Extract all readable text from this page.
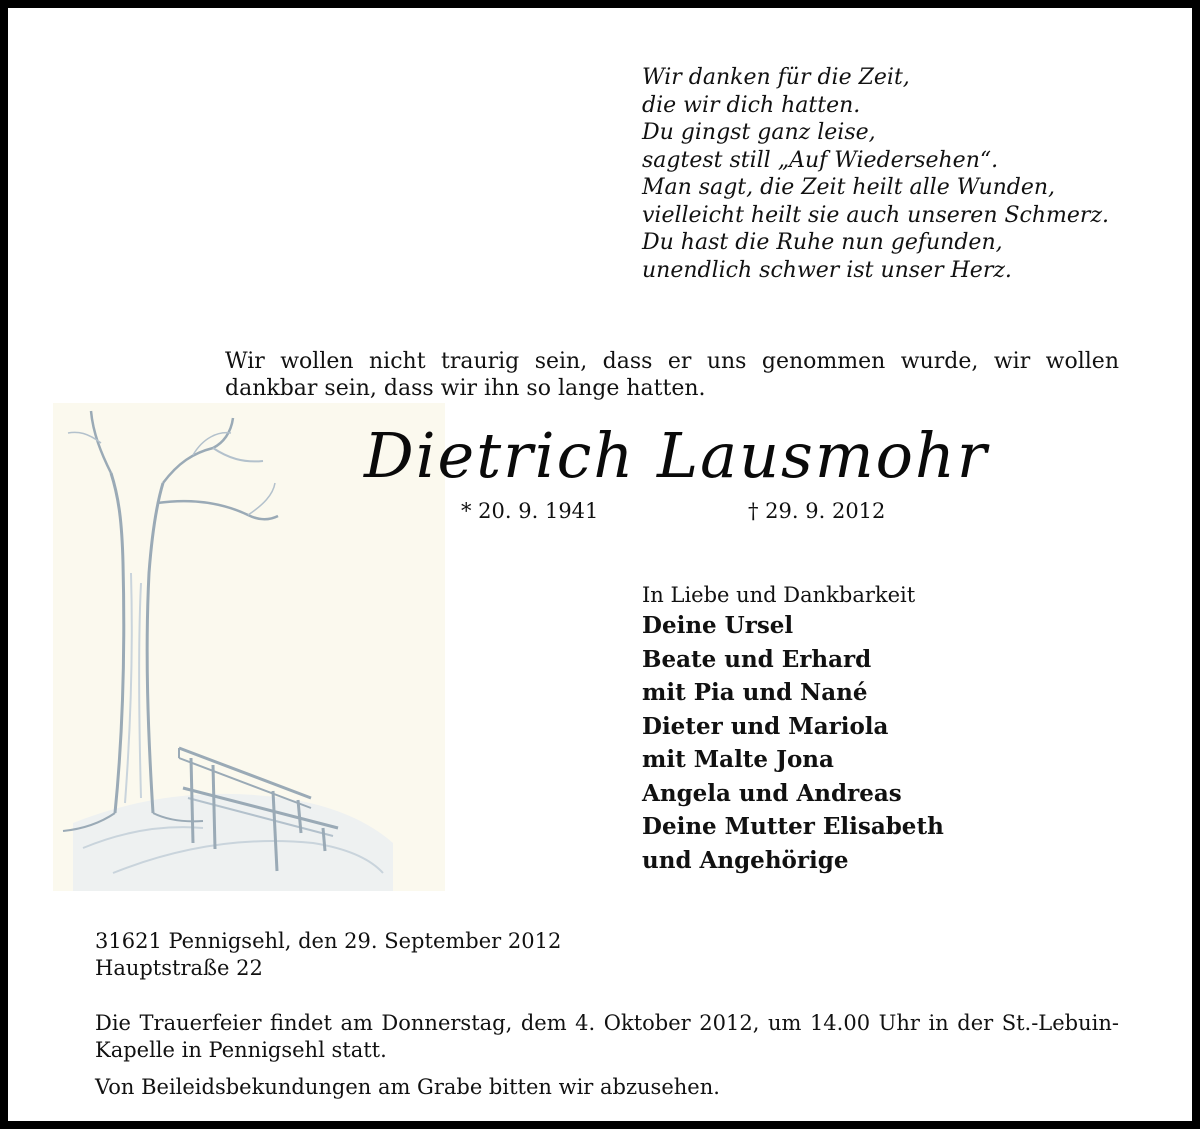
Wir danken für die Zeit,
die wir dich hatten.
Du gingst ganz leise,
sagtest still „Auf Wiedersehen“.
Man sagt, die Zeit heilt alle Wunden,
vielleicht heilt sie auch unseren Schmerz.
Du hast die Ruhe nun gefunden,
unendlich schwer ist unser Herz.
Wir wollen nicht traurig sein, dass er uns genommen wurde, wir wollen dankbar sein, dass wir ihn so lange hatten.
Dietrich Lausmohr
* 20. 9. 1941	† 29. 9. 2012
In Liebe und Dankbarkeit
Deine Ursel
Beate und Erhard
mit Pia und Nané
Dieter und Mariola
mit Malte Jona
Angela und Andreas
Deine Mutter Elisabeth
und Angehörige
31621 Pennigsehl, den 29. September 2012
Hauptstraße 22
Die Trauerfeier findet am Donnerstag, dem 4. Oktober 2012, um 14.00 Uhr in der St.-Lebuin-Kapelle in Pennigsehl statt.
Von Beileidsbekundungen am Grabe bitten wir abzusehen.
